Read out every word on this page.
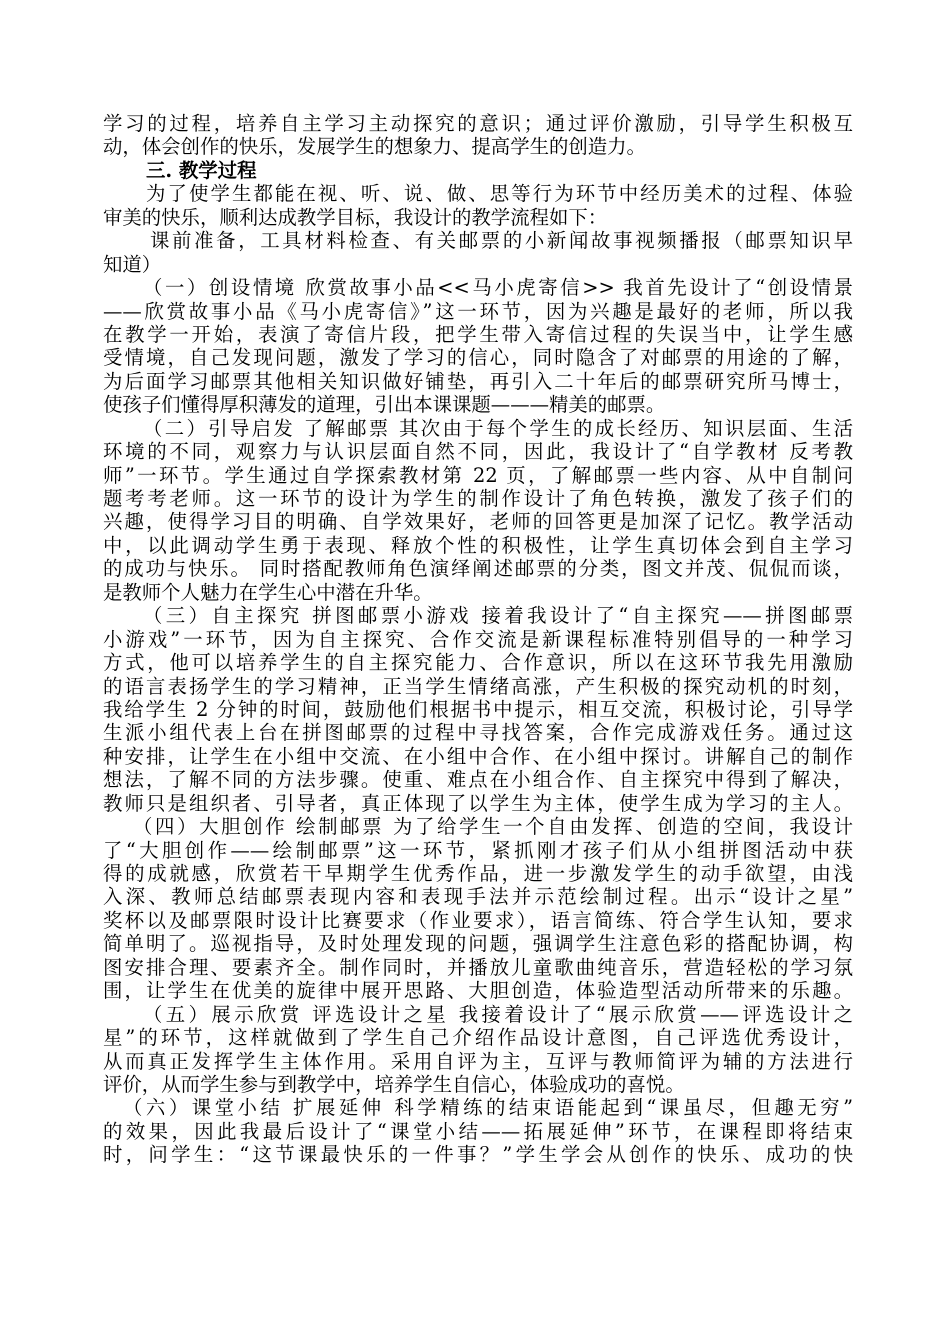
学习的过程，培养自主学习主动探究的意识；通过评价激励，引导学生积极互
动，体会创作的快乐，发展学生的想象力、提高学生的创造力。
三. 教学过程
为了使学生都能在视、听、说、做、思等行为环节中经历美术的过程、体验
审美的快乐，顺利达成教学目标，我设计的教学流程如下：
课前准备，工具材料检查、有关邮票的小新闻故事视频播报（邮票知识早
知道）
（一）创设情境 欣赏故事小品<<马小虎寄信>> 我首先设计了“创设情景
——欣赏故事小品《马小虎寄信》”这一环节，因为兴趣是最好的老师，所以我
在教学一开始，表演了寄信片段，把学生带入寄信过程的失误当中，让学生感
受情境，自己发现问题，激发了学习的信心，同时隐含了对邮票的用途的了解，
为后面学习邮票其他相关知识做好铺垫，再引入二十年后的邮票研究所马博士，
使孩子们懂得厚积薄发的道理，引出本课课题———精美的邮票。
（二）引导启发 了解邮票 其次由于每个学生的成长经历、知识层面、生活
环境的不同，观察力与认识层面自然不同，因此，我设计了“自学教材 反考教
师”一环节。学生通过自学探索教材第 22 页，了解邮票一些内容、从中自制问
题考考老师。这一环节的设计为学生的制作设计了角色转换，激发了孩子们的
兴趣，使得学习目的明确、自学效果好，老师的回答更是加深了记忆。教学活动
中，以此调动学生勇于表现、释放个性的积极性，让学生真切体会到自主学习
的成功与快乐。 同时搭配教师角色演绎阐述邮票的分类，图文并茂、侃侃而谈，
是教师个人魅力在学生心中潜在升华。
（三）自主探究 拼图邮票小游戏 接着我设计了“自主探究——拼图邮票
小游戏”一环节，因为自主探究、合作交流是新课程标准特别倡导的一种学习
方式，他可以培养学生的自主探究能力、合作意识，所以在这环节我先用激励
的语言表扬学生的学习精神，正当学生情绪高涨，产生积极的探究动机的时刻，
我给学生 2 分钟的时间，鼓励他们根据书中提示，相互交流，积极讨论，引导学
生派小组代表上台在拼图邮票的过程中寻找答案，合作完成游戏任务。通过这
种安排，让学生在小组中交流、在小组中合作、在小组中探讨。讲解自己的制作
想法，了解不同的方法步骤。使重、难点在小组合作、自主探究中得到了解决，
教师只是组织者、引导者，真正体现了以学生为主体，使学生成为学习的主人。
（四）大胆创作 绘制邮票 为了给学生一个自由发挥、创造的空间，我设计
了“大胆创作——绘制邮票”这一环节，紧抓刚才孩子们从小组拼图活动中获
得的成就感，欣赏若干早期学生优秀作品，进一步激发学生的动手欲望，由浅
入深、教师总结邮票表现内容和表现手法并示范绘制过程。出示“设计之星”
奖杯以及邮票限时设计比赛要求（作业要求），语言简练、符合学生认知，要求
简单明了。巡视指导，及时处理发现的问题，强调学生注意色彩的搭配协调，构
图安排合理、要素齐全。制作同时，并播放儿童歌曲纯音乐，营造轻松的学习氛
围，让学生在优美的旋律中展开思路、大胆创造，体验造型活动所带来的乐趣。
（五）展示欣赏 评选设计之星 我接着设计了“展示欣赏——评选设计之
星”的环节，这样就做到了学生自己介绍作品设计意图，自己评选优秀设计，
从而真正发挥学生主体作用。采用自评为主，互评与教师简评为辅的方法进行
评价，从而学生参与到教学中，培养学生自信心，体验成功的喜悦。
（六）课堂小结 扩展延伸 科学精练的结束语能起到“课虽尽，但趣无穷”
的效果，因此我最后设计了“课堂小结——拓展延伸”环节，在课程即将结束
时，问学生：“这节课最快乐的一件事？”学生学会从创作的快乐、成功的快
